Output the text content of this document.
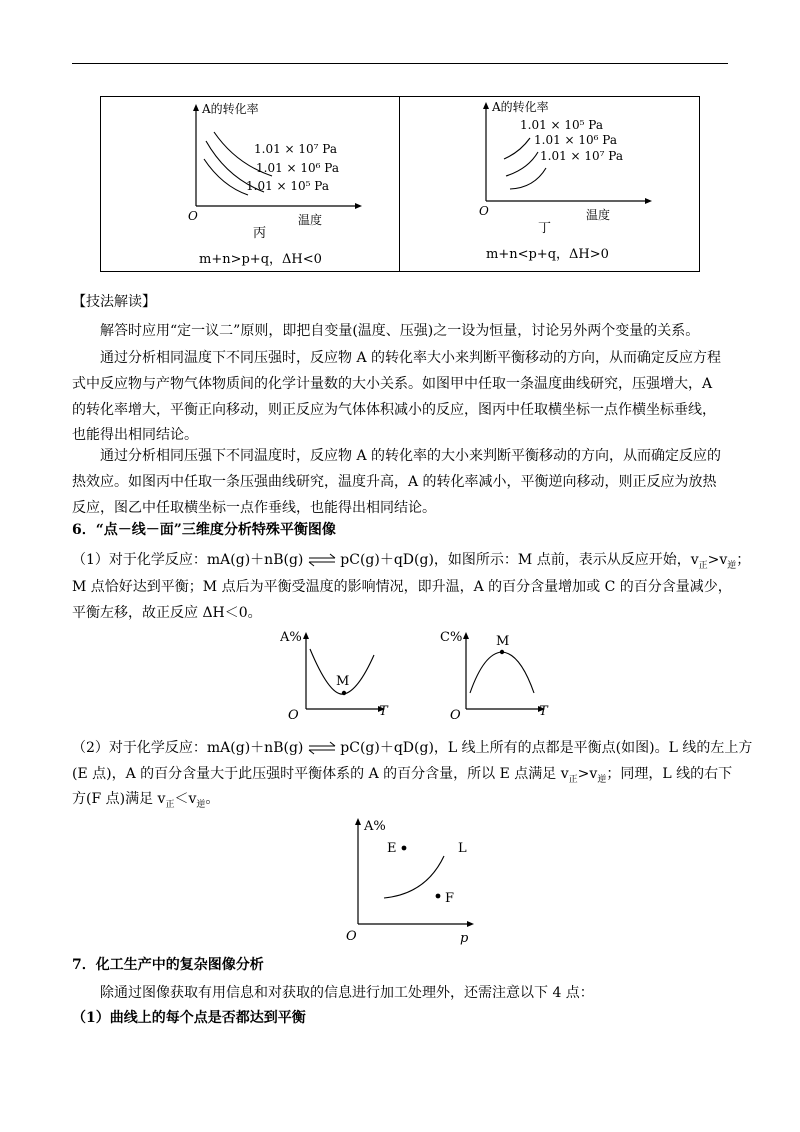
A的转化率
1.01 × 10⁷ Pa
1.01 × 10⁶ Pa
1.01 × 10⁵ Pa
O	温度
丙
m+n>p+q，ΔH<0
A的转化率
1.01 × 10⁵ Pa
1.01 × 10⁶ Pa
1.01 × 10⁷ Pa
O	温度
丁
m+n<p+q，ΔH>0
【技法解读】
解答时应用“定一议二”原则，即把自变量(温度、压强)之一设为恒量，讨论另外两个变量的关系。
通过分析相同温度下不同压强时，反应物 A 的转化率大小来判断平衡移动的方向，从而确定反应方程
式中反应物与产物气体物质间的化学计量数的大小关系。如图甲中任取一条温度曲线研究，压强增大，A
的转化率增大，平衡正向移动，则正反应为气体体积减小的反应，图丙中任取横坐标一点作横坐标垂线，
也能得出相同结论。
通过分析相同压强下不同温度时，反应物 A 的转化率的大小来判断平衡移动的方向，从而确定反应的
热效应。如图丙中任取一条压强曲线研究，温度升高，A 的转化率减小，平衡逆向移动，则正反应为放热
反应，图乙中任取横坐标一点作垂线，也能得出相同结论。
6．“点－线－面”三维度分析特殊平衡图像
（1）对于化学反应：mA(g)＋nB(g) ⇌ pC(g)＋qD(g)，如图所示：M 点前，表示从反应开始，$v_正>v_逆$；
M 点恰好达到平衡；M 点后为平衡受温度的影响情况，即升温，A 的百分含量增加或 C 的百分含量减少，
平衡左移，故正反应 ΔH＜0。
A%
M
O	T
C%	M
O	T
（2）对于化学反应：mA(g)＋nB(g) ⇌ pC(g)＋qD(g)，L 线上所有的点都是平衡点(如图)。L 线的左上方
(E 点)，A 的百分含量大于此压强时平衡体系的 A 的百分含量，所以 E 点满足 $v_正>v_逆$；同理，L 线的右下
方(F 点)满足 $v_正<v_逆$。
A%
E	L
F
O	p
7．化工生产中的复杂图像分析
除通过图像获取有用信息和对获取的信息进行加工处理外，还需注意以下 4 点：
（1）曲线上的每个点是否都达到平衡
